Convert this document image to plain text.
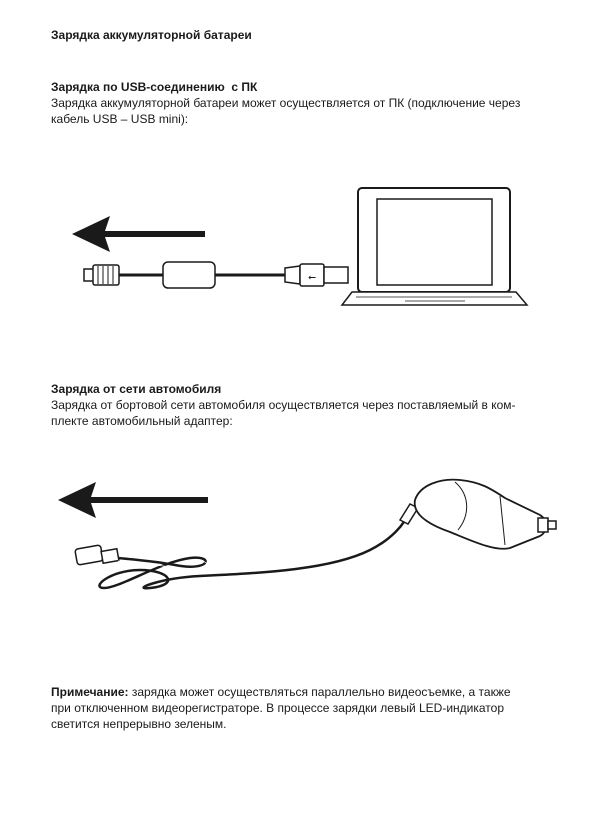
Зарядка аккумуляторной батареи
Зарядка по USB-соединению  с ПК

Зарядка аккумуляторной батареи может осуществляется от ПК (подключение через

кабель USB – USB mini):

⭠
Зарядка от сети автомобиля

Зарядка от бортовой сети автомобиля осуществляется через поставляемый в ком-

плекте автомобильный адаптер:

Примечание: зарядка может осуществляться параллельно видеосъемке, а также

при отключенном видеорегистраторе. В процессе зарядки левый LED-индикатор

светится непрерывно зеленым.
